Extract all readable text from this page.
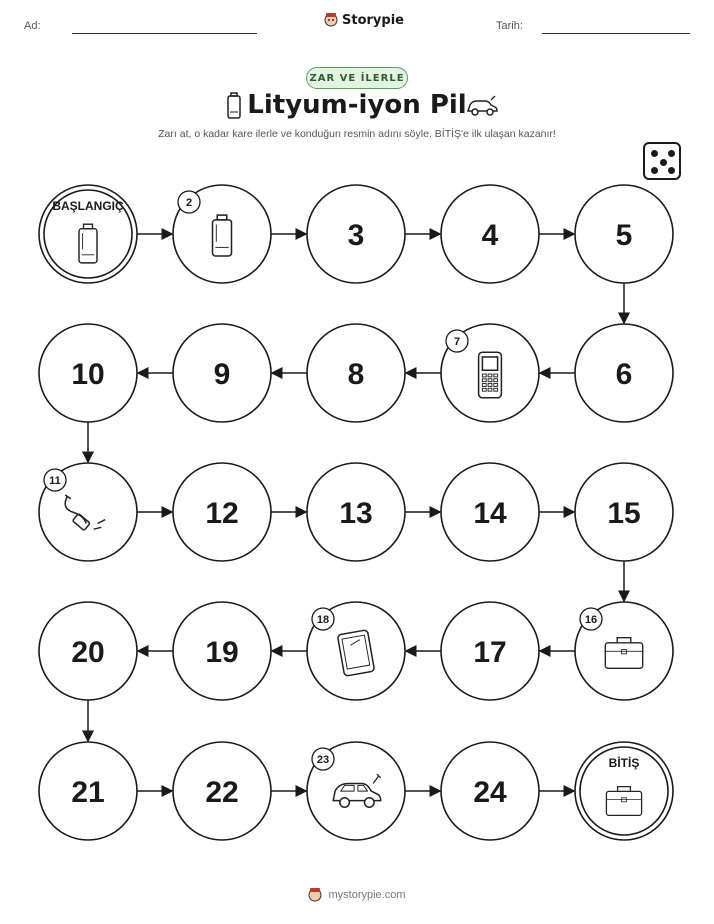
Ad:	Storypie	Tarih:
ZAR VE İLERLE
Lityum-iyon Pil
Zarı at, o kadar kare ilerle ve konduğun resmin adını söyle. BİTİŞ'e ilk ulaşan kazanır!
BAŞLANGIÇ	2
3	4	5
6
7
8
9
10
11
12	13	14	15
16
17
18
19
20
21	22
23
24
BİTİŞ
mystorypie.com
